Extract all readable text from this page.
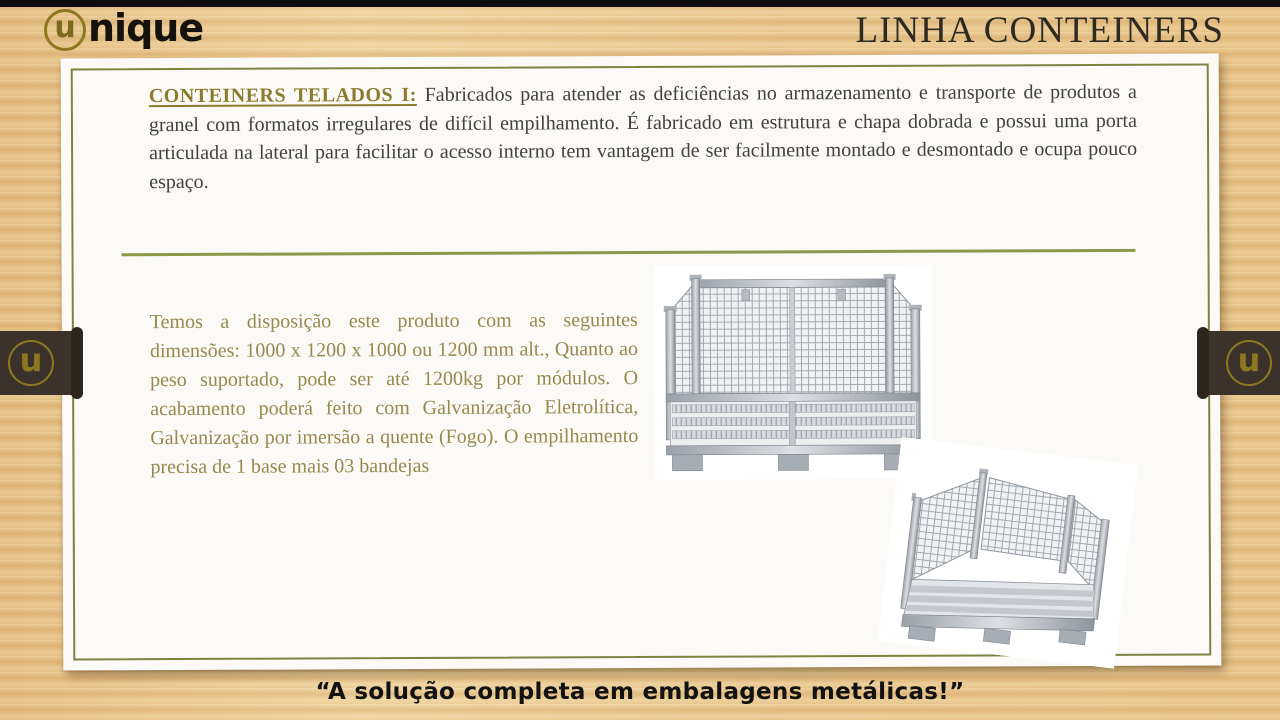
u nique	LINHA CONTEINERS

CONTEINERS TELADOS I: Fabricados para atender as deficiências no armazenamento e transporte de produtos a granel com formatos irregulares de difícil empilhamento. É fabricado em estrutura e chapa dobrada e possui uma porta articulada na lateral para facilitar o acesso interno tem vantagem de ser facilmente montado e desmontado e ocupa pouco espaço.

Temos a disposição este produto com as seguintes dimensões: 1000 x 1200 x 1000 ou 1200 mm alt., Quanto ao peso suportado, pode ser até 1200kg por módulos. O acabamento poderá feito com Galvanização Eletrolítica, Galvanização por imersão a quente (Fogo). O empilhamento precisa de 1 base mais 03 bandejas

u	u
“A solução completa em embalagens metálicas!”
